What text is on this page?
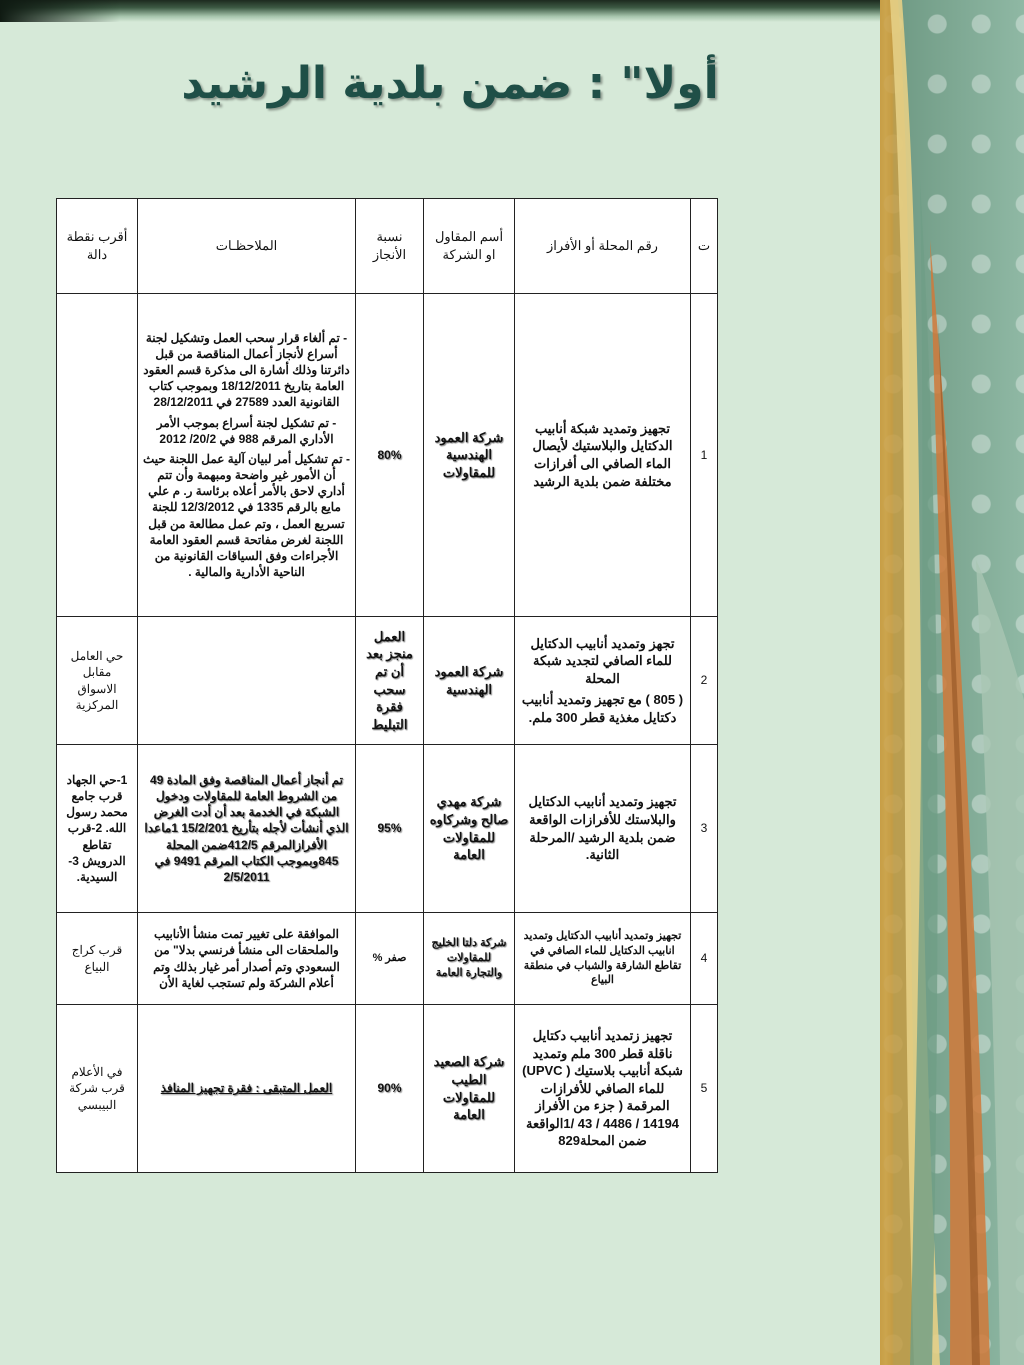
أولا" : ضمن بلدية الرشيد
ت	رقم المحلة أو الأفراز	أسم المقاول او الشركة	نسبة الأنجاز	الملاحظـات	أقرب نقطة دالة
1	تجهيز وتمديد شبكة أنابيب الدكتايل والبلاستيك لأيصال الماء الصافي الى أفرازات مختلفة ضمن بلدية الرشيد	شركة العمود الهندسية للمقاولات	80%	- تم ألغاء قرار سحب العمل وتشكيل لجنة أسراع لأنجاز أعمال المناقصة من قبل دائرتنا وذلك أشارة الى مذكرة قسم العقود العامة بتاريخ 18/12/2011 وبموجب كتاب القانونية العدد 27589 في 28/12/2011
- تم تشكيل لجنة أسراع بموجب الأمر الأداري المرقم 988 في 20/2/ 2012
- تم تشكيل أمر لبيان آلية عمل اللجنة حيث أن الأمور غير واضحة ومبهمة وأن تتم أداري لاحق بالأمر أعلاه برئاسة ر. م علي مايع بالرقم 1335 في 12/3/2012 للجنة تسريع العمل ، وتم عمل مطالعة من قبل اللجنة لغرض مفاتحة قسم العقود العامة الأجراءات وفق السياقات القانونية من الناحية الأدارية والمالية .	
2	تجهز وتمديد أنابيب الدكتايل للماء الصافي لتجديد شبكة المحلة
( 805 ) مع تجهيز وتمديد أنابيب دكتايل مغذية قطر 300 ملم.	شركة العمود الهندسية	العمل منجز بعد أن تم سحب فقرة التبليط		حي العامل مقابل الاسواق المركزية
3	تجهيز وتمديد أنابيب الدكتايل والبلاستك للأفرازات الواقعة ضمن بلدية الرشيد /المرحلة الثانية.	شركة مهدي صالح وشركاوه للمقاولات العامة	95%	تم أنجاز أعمال المناقصة وفق المادة 49 من الشروط العامة للمقاولات ودخول الشبكة في الخدمة بعد أن أدت الغرض الذي أنشأت لأجله بتأريخ 15/2/201 1ماعدا الأفرازالمرقم 412/5ضمن المحلة 845وبموجب الكتاب المرقم 9491 في 2/5/2011	1-حي الجهاد قرب جامع محمد رسول الله. 2-قرب تقاطع الدرويش 3-السيدية.
4	تجهيز وتمديد أنابيب الدكتايل وتمديد انابيب الدكتايل للماء الصافي في تقاطع الشارقة والشباب في منطقة البياع	شركة دلتا الخليج للمقاولات والتجارة العامة	صفر %	الموافقة على تغيير تمت منشأ الأنابيب والملحقات الى منشأ فرنسي بدلا" من السعودي وتم أصدار أمر غيار بذلك وتم أعلام الشركة ولم تستجب لغاية الأن	قرب كراج البياع
5	تجهيز زتمديد أنابيب دكتايل ناقلة قطر 300 ملم وتمديد شبكة أنابيب بلاستيك ( UPVC) للماء الصافي للأفرازات المرقمة ( جزء من الأفراز 14194 / 4486 / 43 /1الواقعة ضمن المحلة829	شركة الصعيد الطيب للمقاولات العامة	90%	العمل المتبقى : فقرة تجهيز المنافذ	في الأعلام قرب شركة البيبسي
